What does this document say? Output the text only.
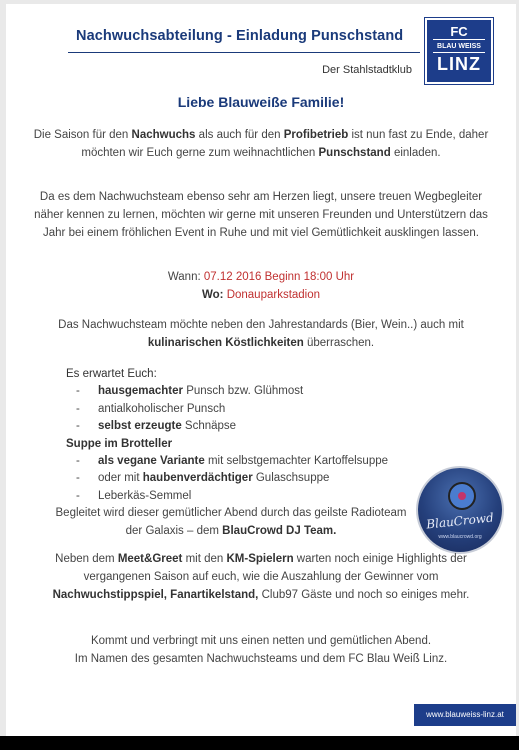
Nachwuchsabteilung - Einladung Punschstand
Der Stahlstadtklub
FC
BLAU WEISS
LINZ
Liebe Blauweiße Familie!
Die Saison für den Nachwuchs als auch für den Profibetrieb ist nun fast zu Ende, daher möchten wir Euch gerne zum weihnachtlichen Punschstand einladen.
Da es dem Nachwuchsteam ebenso sehr am Herzen liegt, unsere treuen Wegbegleiter näher kennen zu lernen, möchten wir gerne mit unseren Freunden und Unterstützern das Jahr bei einem fröhlichen Event in Ruhe und mit viel Gemütlichkeit ausklingen lassen.
Wann: 07.12 2016 Beginn 18:00 Uhr
Wo: Donauparkstadion
Das Nachwuchsteam möchte neben den Jahrestandards (Bier, Wein..) auch mit kulinarischen Köstlichkeiten überraschen.
Es erwartet Euch:
- hausgemachter Punsch bzw. Glühmost
- antialkoholischer Punsch
- selbst erzeugte Schnäpse
Suppe im Brotteller
- als vegane Variante mit selbstgemachter Kartoffelsuppe
- oder mit haubenverdächtiger Gulaschsuppe
- Leberkäs-Semmel
Begleitet wird dieser gemütlicher Abend durch das geilste Radioteam der Galaxis – dem BlauCrowd DJ Team.	BlauCrowd
www.blaucrowd.org
Neben dem Meet&Greet mit den KM-Spielern warten noch einige Highlights der vergangenen Saison auf euch, wie die Auszahlung der Gewinner vom Nachwuchstippspiel, Fanartikelstand, Club97 Gäste und noch so einiges mehr.
Kommt und verbringt mit uns einen netten und gemütlichen Abend.
Im Namen des gesamten Nachwuchsteams und dem FC Blau Weiß Linz.
www.blauweiss-linz.at
